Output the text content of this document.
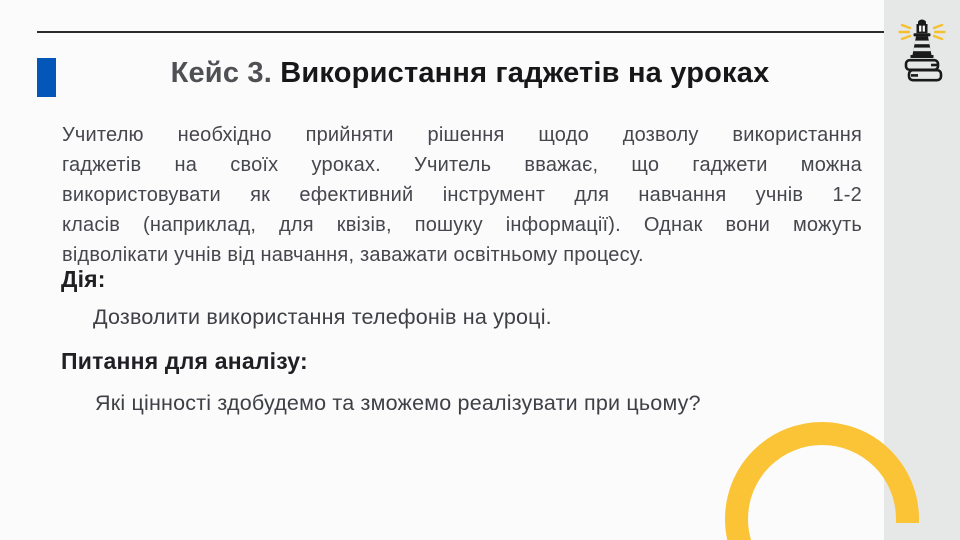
Кейс 3. Використання гаджетів на уроках
Учителю необхідно прийняти рішення щодо дозволу використання
гаджетів на своїх уроках. Учитель вважає, що гаджети можна
використовувати як ефективний інструмент для навчання учнів 1-2
класів (наприклад, для квізів, пошуку інформації). Однак вони можуть
відволікати учнів від навчання, заважати освітньому процесу.
Дія:
Дозволити використання телефонів на уроці.
Питання для аналізу:
Які цінності здобудемо та зможемо реалізувати при цьому?
